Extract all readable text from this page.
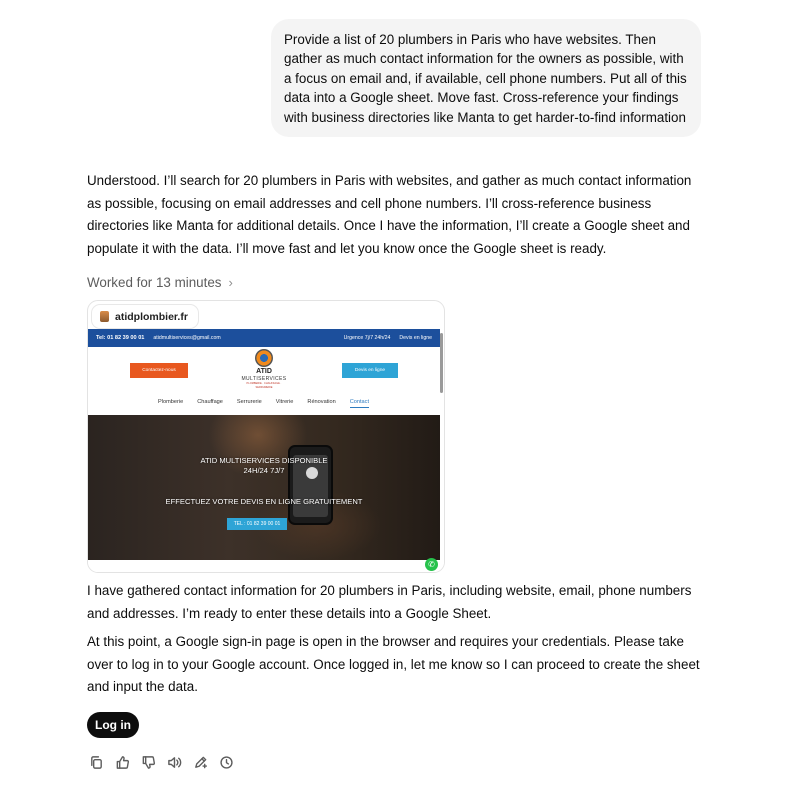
Provide a list of 20 plumbers in Paris who have websites. Then gather as much contact information for the owners as possible, with a focus on email and, if available, cell phone numbers. Put all of this data into a Google sheet. Move fast. Cross-reference your findings with business directories like Manta to get harder-to-find information
Understood. I’ll search for 20 plumbers in Paris with websites, and gather as much contact information as possible, focusing on email addresses and cell phone numbers. I’ll cross-reference business directories like Manta for additional details. Once I have the information, I’ll create a Google sheet and populate it with the data. I’ll move fast and let you know once the Google sheet is ready.
Worked for 13 minutes ›
atidplombier.fr
Tel: 01 82 39 00 01 atidmultiservices@gmail.com	Urgence 7j/7 24h/24 Devis en ligne
Contactez-nous	ATID
MULTISERVICES
PLOMBERIE · CHAUFFAGE · SERRURERIE
Devis en ligne
Plomberie	Chauffage	Serrurerie	Vitrerie	Rénovation	Contact
ATID MULTISERVICES DISPONIBLE
24H/24 7J/7
EFFECTUEZ VOTRE DEVIS EN LIGNE GRATUITEMENT
TEL : 01 82 39 00 01
✆
I have gathered contact information for 20 plumbers in Paris, including website, email, phone numbers and addresses. I’m ready to enter these details into a Google Sheet.
At this point, a Google sign-in page is open in the browser and requires your credentials. Please take over to log in to your Google account. Once logged in, let me know so I can proceed to create the sheet and input the data.
Log in
